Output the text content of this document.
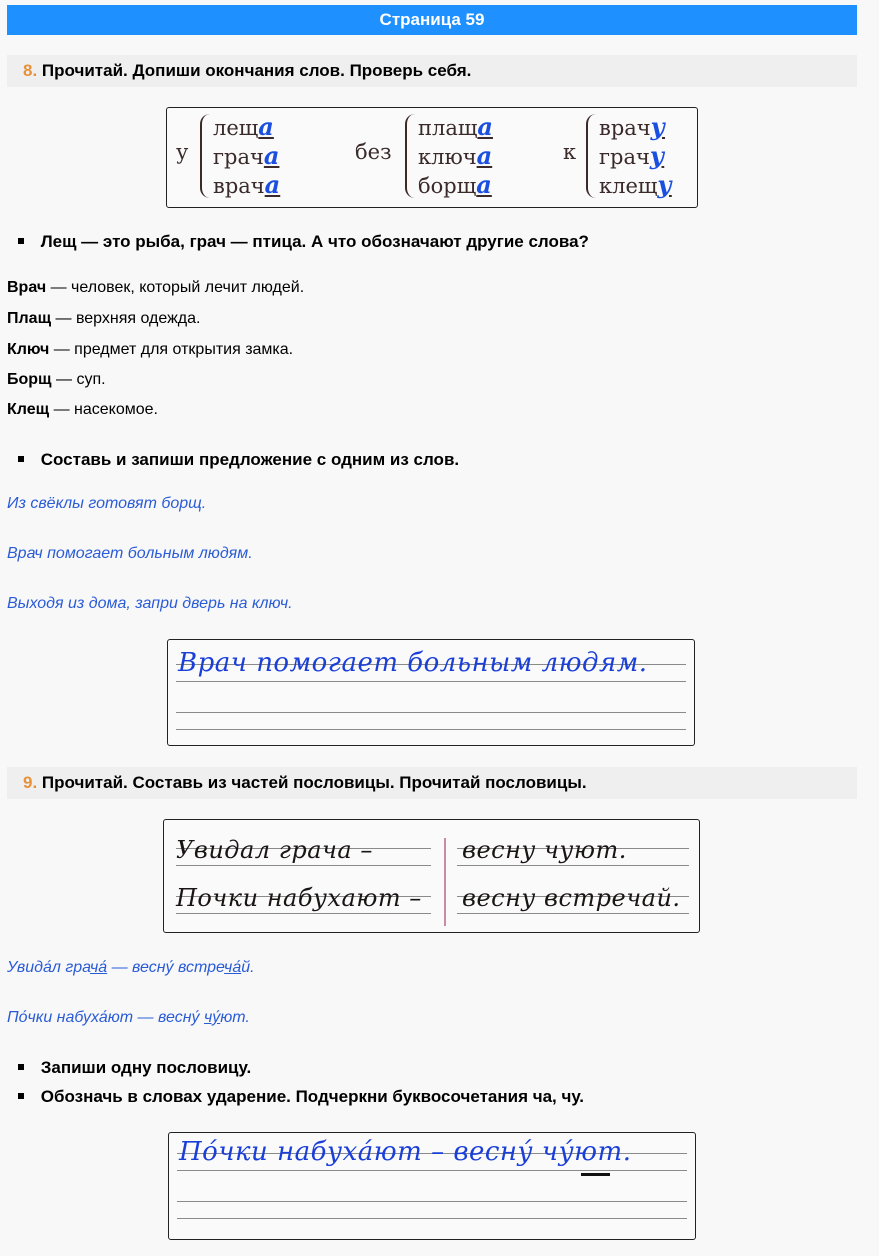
Страница 59
8. Прочитай. Допиши окончания слов. Проверь себя.
у
леща
грача
врача
без
плаща
ключа
борща
к
врачу
грачу
клещу
Лещ — это рыба, грач — птица. А что обозначают другие слова?
Врач — человек, который лечит людей.
Плащ — верхняя одежда.
Ключ — предмет для открытия замка.
Борщ — суп.
Клещ — насекомое.
Составь и запиши предложение с одним из слов.
Из свёклы готовят борщ.
Врач помогает больным людям.
Выходя из дома, запри дверь на ключ.
Врач помогает больным людям.
9. Прочитай. Составь из частей пословицы. Прочитай пословицы.
Увидал грача –
Почки набухают –
весну чуют.
весну встречай.
Увида́л грача́ — весну́ встреча́й.
По́чки набуха́ют — весну́ чу́ют.
Запиши одну пословицу.
Обозначь в словах ударение. Подчеркни буквосочетания ча, чу.
По́чки набуха́ют – весну́ чу́ют.
